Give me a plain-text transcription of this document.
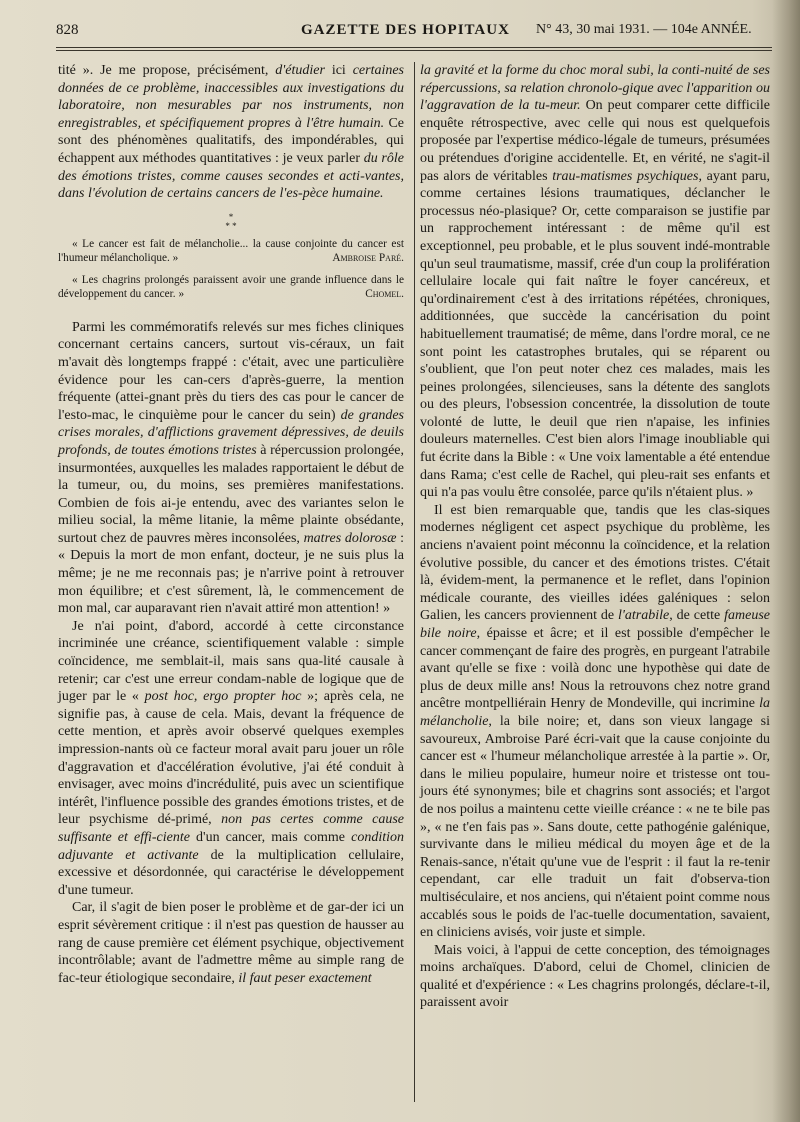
828	GAZETTE DES HOPITAUX N° 43, 30 mai 1931. — 104e ANNÉE.

tité ». Je me propose, précisément, d'étudier ici certaines données de ce problème, inaccessibles aux investigations du laboratoire, non mesurables par nos instruments, non enregistrables, et spécifiquement propres à l'être humain. Ce sont des phénomènes qualitatifs, des impondérables, qui échappent aux méthodes quantitatives : je veux parler du rôle des émotions tristes, comme causes secondes et acti-vantes, dans l'évolution de certains cancers de l'es-pèce humaine.

*
* *

« Le cancer est fait de mélancholie... la cause conjointe du cancer est l'humeur mélancholique. »	Ambroise Paré.

« Les chagrins prolongés paraissent avoir une grande influence dans le développement du cancer. »	Chomel.

Parmi les commémoratifs relevés sur mes fiches cliniques concernant certains cancers, surtout vis-céraux, un fait m'avait dès longtemps frappé : c'était, avec une particulière évidence pour les can-cers d'après-guerre, la mention fréquente (attei-gnant près du tiers des cas pour le cancer de l'esto-mac, le cinquième pour le cancer du sein) de grandes crises morales, d'afflictions gravement dépressives, de deuils profonds, de toutes émotions tristes à répercussion prolongée, insurmontées, auxquelles les malades rapportaient le début de la tumeur, ou, du moins, ses premières manifestations. Combien de fois ai-je entendu, avec des variantes selon le milieu social, la même litanie, la même plainte obsédante, surtout chez de pauvres mères inconsolées, matres dolorosæ : « Depuis la mort de mon enfant, docteur, je ne suis plus la même; je ne me reconnais pas; je n'arrive point à retrouver mon équilibre; et c'est sûrement, là, le commencement de mon mal, car auparavant rien n'avait attiré mon attention! »

Je n'ai point, d'abord, accordé à cette circonstance incriminée une créance, scientifiquement valable : simple coïncidence, me semblait-il, mais sans qua-lité causale à retenir; car c'est une erreur condam-nable de logique que de juger par le « post hoc, ergo propter hoc »; après cela, ne signifie pas, à cause de cela. Mais, devant la fréquence de cette mention, et après avoir observé quelques exemples impression-nants où ce facteur moral avait paru jouer un rôle d'aggravation et d'accélération évolutive, j'ai été conduit à envisager, avec moins d'incrédulité, puis avec un scientifique intérêt, l'influence possible des grandes émotions tristes, et de leur psychisme dé-primé, non pas certes comme cause suffisante et effi-ciente d'un cancer, mais comme condition adjuvante et activante de la multiplication cellulaire, excessive et désordonnée, qui caractérise le développement d'une tumeur.

Car, il s'agit de bien poser le problème et de gar-der ici un esprit sévèrement critique : il n'est pas question de hausser au rang de cause première cet élément psychique, objectivement incontrôlable; avant de l'admettre même au simple rang de fac-teur étiologique secondaire, il faut peser exactement

la gravité et la forme du choc moral subi, la conti-nuité de ses répercussions, sa relation chronolo-gique avec l'apparition ou l'aggravation de la tu-meur. On peut comparer cette difficile enquête rétrospective, avec celle qui nous est quelquefois proposée par l'expertise médico-légale de tumeurs, présumées ou prétendues d'origine accidentelle. Et, en vérité, ne s'agit-il pas alors de véritables trau-matismes psychiques, ayant paru, comme certaines lésions traumatiques, déclancher le processus néo-plasique? Or, cette comparaison se justifie par un rapprochement intéressant : de même qu'il est exceptionnel, peu probable, et le plus souvent indé-montrable qu'un seul traumatisme, massif, crée d'un coup la prolifération cellulaire locale qui fait naître le foyer cancéreux, et qu'ordinairement c'est à des irritations répétées, chroniques, additionnées, que succède la cancérisation du point habituellement traumatisé; de même, dans l'ordre moral, ce ne sont point les catastrophes brutales, qui se réparent ou s'oublient, que l'on peut noter chez ces malades, mais les peines prolongées, silencieuses, sans la détente des sanglots ou des pleurs, l'obsession concentrée, la dissolution de toute volonté de lutte, le deuil que rien n'apaise, les infinies douleurs maternelles. C'est bien alors l'image inoubliable qui fut écrite dans la Bible : « Une voix lamentable a été entendue dans Rama; c'est celle de Rachel, qui pleu-rait ses enfants et qui n'a pas voulu être consolée, parce qu'ils n'étaient plus. »

Il est bien remarquable que, tandis que les clas-siques modernes négligent cet aspect psychique du problème, les anciens n'avaient point méconnu la coïncidence, et la relation évolutive possible, du cancer et des émotions tristes. C'était là, évidem-ment, la permanence et le reflet, dans l'opinion médicale courante, des vieilles idées galéniques : selon Galien, les cancers proviennent de l'atrabile, de cette fameuse bile noire, épaisse et âcre; et il est possible d'empêcher le cancer commençant de faire des progrès, en purgeant l'atrabile avant qu'elle se fixe : voilà donc une hypothèse qui date de plus de deux mille ans! Nous la retrouvons chez notre grand ancêtre montpelliérain Henry de Mondeville, qui incrimine la mélancholie, la bile noire; et, dans son vieux langage si savoureux, Ambroise Paré écri-vait que la cause conjointe du cancer est « l'humeur mélancholique arrestée à la partie ». Or, dans le milieu populaire, humeur noire et tristesse ont tou-jours été synonymes; bile et chagrins sont associés; et l'argot de nos poilus a maintenu cette vieille créance : « ne te bile pas », « ne t'en fais pas ». Sans doute, cette pathogénie galénique, survivante dans le milieu médical du moyen âge et de la Renais-sance, n'était qu'une vue de l'esprit : il faut la re-tenir cependant, car elle traduit un fait d'observa-tion multiséculaire, et nos anciens, qui n'étaient point comme nous accablés sous le poids de l'ac-tuelle documentation, savaient, en cliniciens avisés, voir juste et simple.

Mais voici, à l'appui de cette conception, des témoignages moins archaïques. D'abord, celui de Chomel, clinicien de qualité et d'expérience : « Les chagrins prolongés, déclare-t-il, paraissent avoir
